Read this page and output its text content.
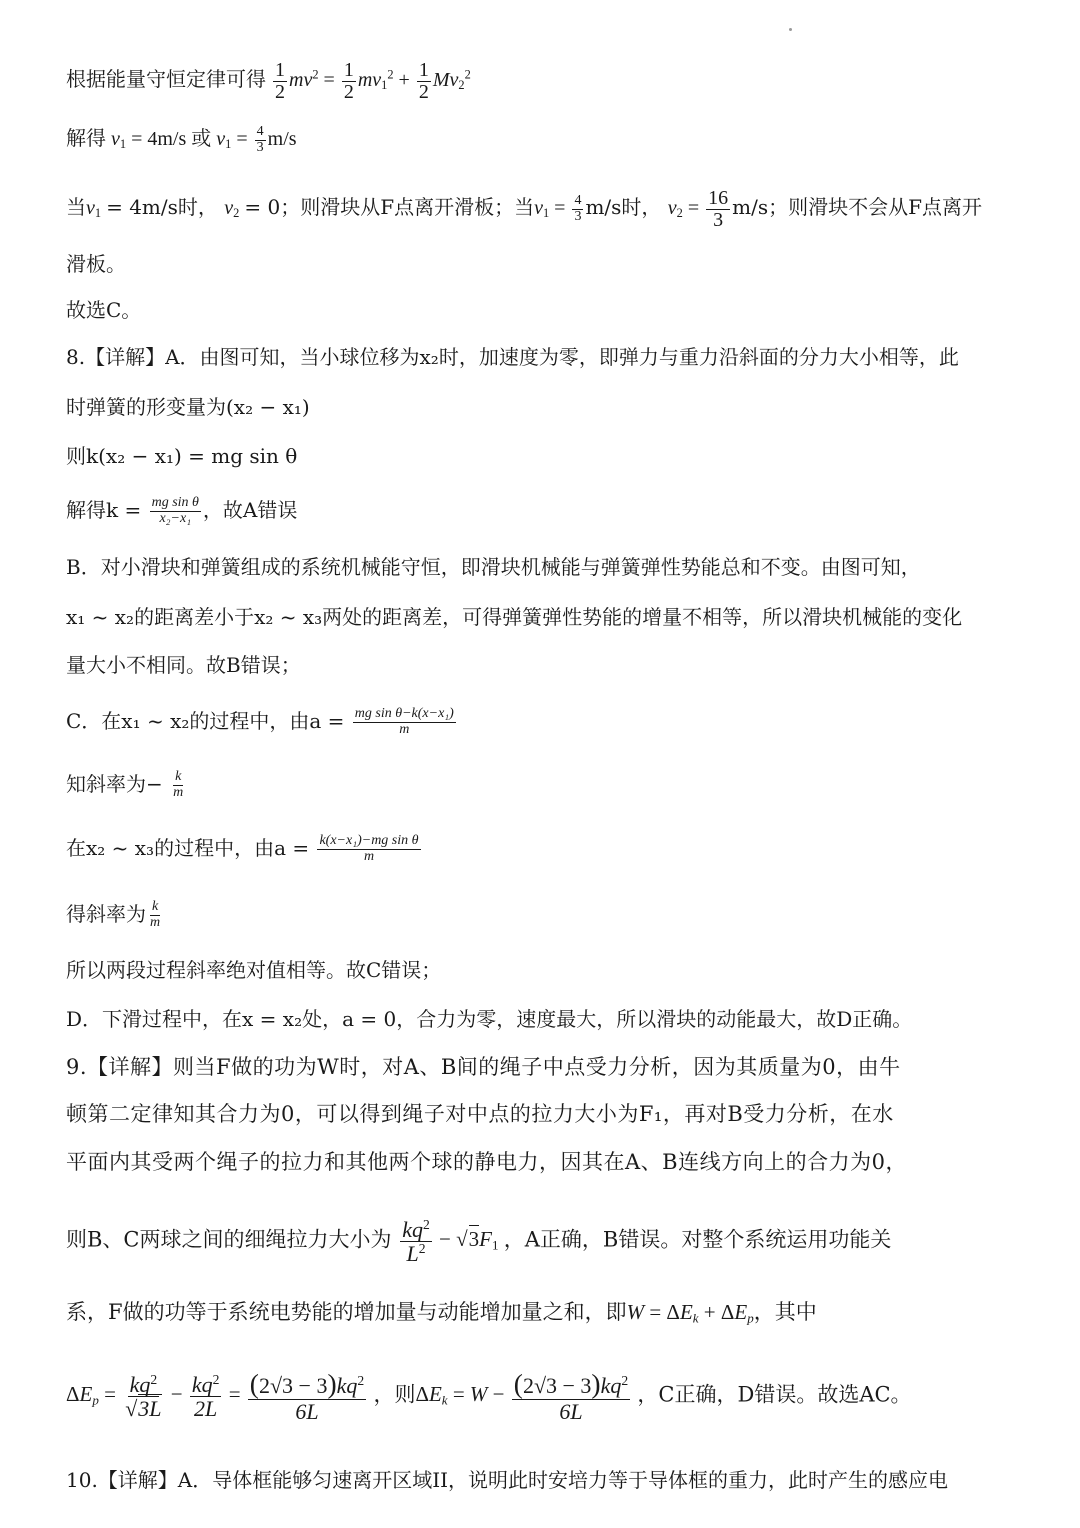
根据能量守恒定律可得 $\frac{1}{2} mv^2 = \frac{1}{2} mv_1^2 + \frac{1}{2} Mv_2^2$
解得 $v_1 = 4m/s$ 或 $v_1 = \frac{4}{3} m/s$
当$v_1 = 4m/s$时， $v_2 = 0$；则滑块从F点离开滑板；当$v_1 = \frac{4}{3} m/s$时， $v_2 = \frac{16}{3} m/s$；则滑块不会从F点离开
滑板。
故选C。
8.【详解】A．由图可知，当小球位移为x₂时，加速度为零，即弹力与重力沿斜面的分力大小相等，此
时弹簧的形变量为(x₂ − x₁)
则k(x₂ − x₁) = mg sin θ
解得$k = \frac{\text{mg sin θ}}{\text{x₂−x₁}}$ ，故A错误
B．对小滑块和弹簧组成的系统机械能守恒，即滑块机械能与弹簧弹性势能总和不变。由图可知，
x₁ ~ x₂的距离差小于x₂ ~ x₃两处的距离差，可得弹簧弹性势能的增量不相等，所以滑块机械能的变化
量大小不相同。故B错误；
C．在x₁ ~ x₂的过程中，由$a = \frac{\text{mg sin θ−k(x−x₁)}}{m}$
知斜率为− $\frac{k}{m}$
在x₂ ~ x₃的过程中，由$a = \frac{\text{k(x−x₁)−mg sin θ}}{m}$
得斜率为 $\frac{k}{m}$
所以两段过程斜率绝对值相等。故C错误；
D．下滑过程中，在x = x₂处，a = 0，合力为零，速度最大，所以滑块的动能最大，故D正确。
9.【详解】则当F做的功为W时，对A、B间的绳子中点受力分析，因为其质量为0，由牛
顿第二定律知其合力为0，可以得到绳子对中点的拉力大小为F₁，再对B受力分析，在水
平面内其受两个绳子的拉力和其他两个球的静电力，因其在A、B连线方向上的合力为0，
则B、C两球之间的细绳拉力大小为 $\frac{kq^2}{L^2} - √3F_1$ ，A正确，B错误。对整个系统运用功能关
系，F做的功等于系统电势能的增加量与动能增加量之和，即$W = \Delta E_k + \Delta E_p$，其中
$\Delta E_p = \frac{kq^2}{√3L} - \frac{kq^2}{2L} = \frac{(2√3 - 3)kq^2}{6L}$ ，则$\Delta E_k = W - \frac{(2√3 - 3)kq^2}{6L}$ ，C正确，D错误。故选AC。
10.【详解】A．导体框能够匀速离开区域II，说明此时安培力等于导体框的重力，此时产生的感应电
